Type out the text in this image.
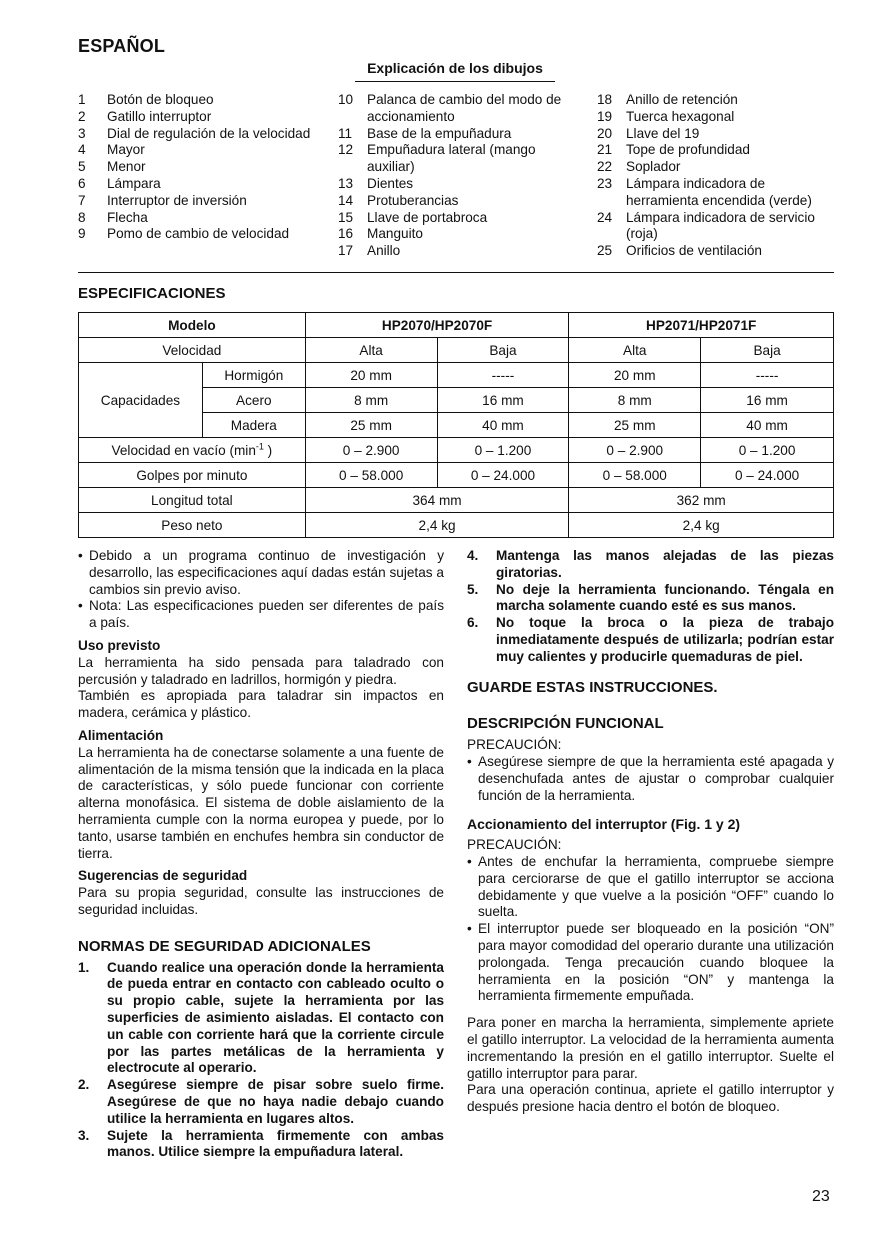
ESPAÑOL
Explicación de los dibujos
1	Botón de bloqueo
2	Gatillo interruptor
3	Dial de regulación de la velocidad
4	Mayor
5	Menor
6	Lámpara
7	Interruptor de inversión
8	Flecha
9	Pomo de cambio de velocidad
10	Palanca de cambio del modo de accionamiento
11	Base de la empuñadura
12	Empuñadura lateral (mango auxiliar)
13	Dientes
14	Protuberancias
15	Llave de portabroca
16	Manguito
17	Anillo
18	Anillo de retención
19	Tuerca hexagonal
20	Llave del 19
21	Tope de profundidad
22	Soplador
23	Lámpara indicadora de herramienta encendida (verde)
24	Lámpara indicadora de servicio (roja)
25	Orificios de ventilación
ESPECIFICACIONES
Modelo		HP2070/HP2070F		HP2071/HP2071F	
Velocidad		Alta	Baja	Alta	Baja
Capacidades	Hormigón	20 mm	-----	20 mm	-----
	Acero	8 mm	16 mm	8 mm	16 mm
	Madera	25 mm	40 mm	25 mm	40 mm
Velocidad en vacío ($\min^{-1}$ )		0 – 2.900	0 – 1.200	0 – 2.900	0 – 1.200
Golpes por minuto		0 – 58.000	0 – 24.000	0 – 58.000	0 – 24.000
Longitud total		364 mm		362 mm	
Peso neto		2,4 kg		2,4 kg	
• Debido a un programa continuo de investigación y desarrollo, las especificaciones aquí dadas están sujetas a cambios sin previo aviso.
• Nota: Las especificaciones pueden ser diferentes de país a país.
Uso previsto
La herramienta ha sido pensada para taladrado con percusión y taladrado en ladrillos, hormigón y piedra.
También es apropiada para taladrar sin impactos en madera, cerámica y plástico.
Alimentación
La herramienta ha de conectarse solamente a una fuente de alimentación de la misma tensión que la indicada en la placa de características, y sólo puede funcionar con corriente alterna monofásica. El sistema de doble aislamiento de la herramienta cumple con la norma europea y puede, por lo tanto, usarse también en enchufes hembra sin conductor de tierra.
Sugerencias de seguridad
Para su propia seguridad, consulte las instrucciones de seguridad incluidas.
NORMAS DE SEGURIDAD ADICIONALES
1.	Cuando realice una operación donde la herramienta de pueda entrar en contacto con cableado oculto o su propio cable, sujete la herramienta por las superficies de asimiento aisladas. El contacto con un cable con corriente hará que la corriente circule por las partes metálicas de la herramienta y electrocute al operario.
2.	Asegúrese siempre de pisar sobre suelo firme. Asegúrese de que no haya nadie debajo cuando utilice la herramienta en lugares altos.
3.	Sujete la herramienta firmemente con ambas manos. Utilice siempre la empuñadura lateral.
4.	Mantenga las manos alejadas de las piezas giratorias.
5.	No deje la herramienta funcionando. Téngala en marcha solamente cuando esté es sus manos.
6.	No toque la broca o la pieza de trabajo inmediatamente después de utilizarla; podrían estar muy calientes y producirle quemaduras de piel.
GUARDE ESTAS INSTRUCCIONES.
DESCRIPCIÓN FUNCIONAL
PRECAUCIÓN:
• Asegúrese siempre de que la herramienta esté apagada y desenchufada antes de ajustar o comprobar cualquier función de la herramienta.
Accionamiento del interruptor (Fig. 1 y 2)
PRECAUCIÓN:
• Antes de enchufar la herramienta, compruebe siempre para cerciorarse de que el gatillo interruptor se acciona debidamente y que vuelve a la posición “OFF” cuando lo suelta.
• El interruptor puede ser bloqueado en la posición “ON” para mayor comodidad del operario durante una utilización prolongada. Tenga precaución cuando bloquee la herramienta en la posición “ON” y mantenga la herramienta firmemente empuñada.
Para poner en marcha la herramienta, simplemente apriete el gatillo interruptor. La velocidad de la herramienta aumenta incrementando la presión en el gatillo interruptor. Suelte el gatillo interruptor para parar.
Para una operación continua, apriete el gatillo interruptor y después presione hacia dentro el botón de bloqueo.
23
